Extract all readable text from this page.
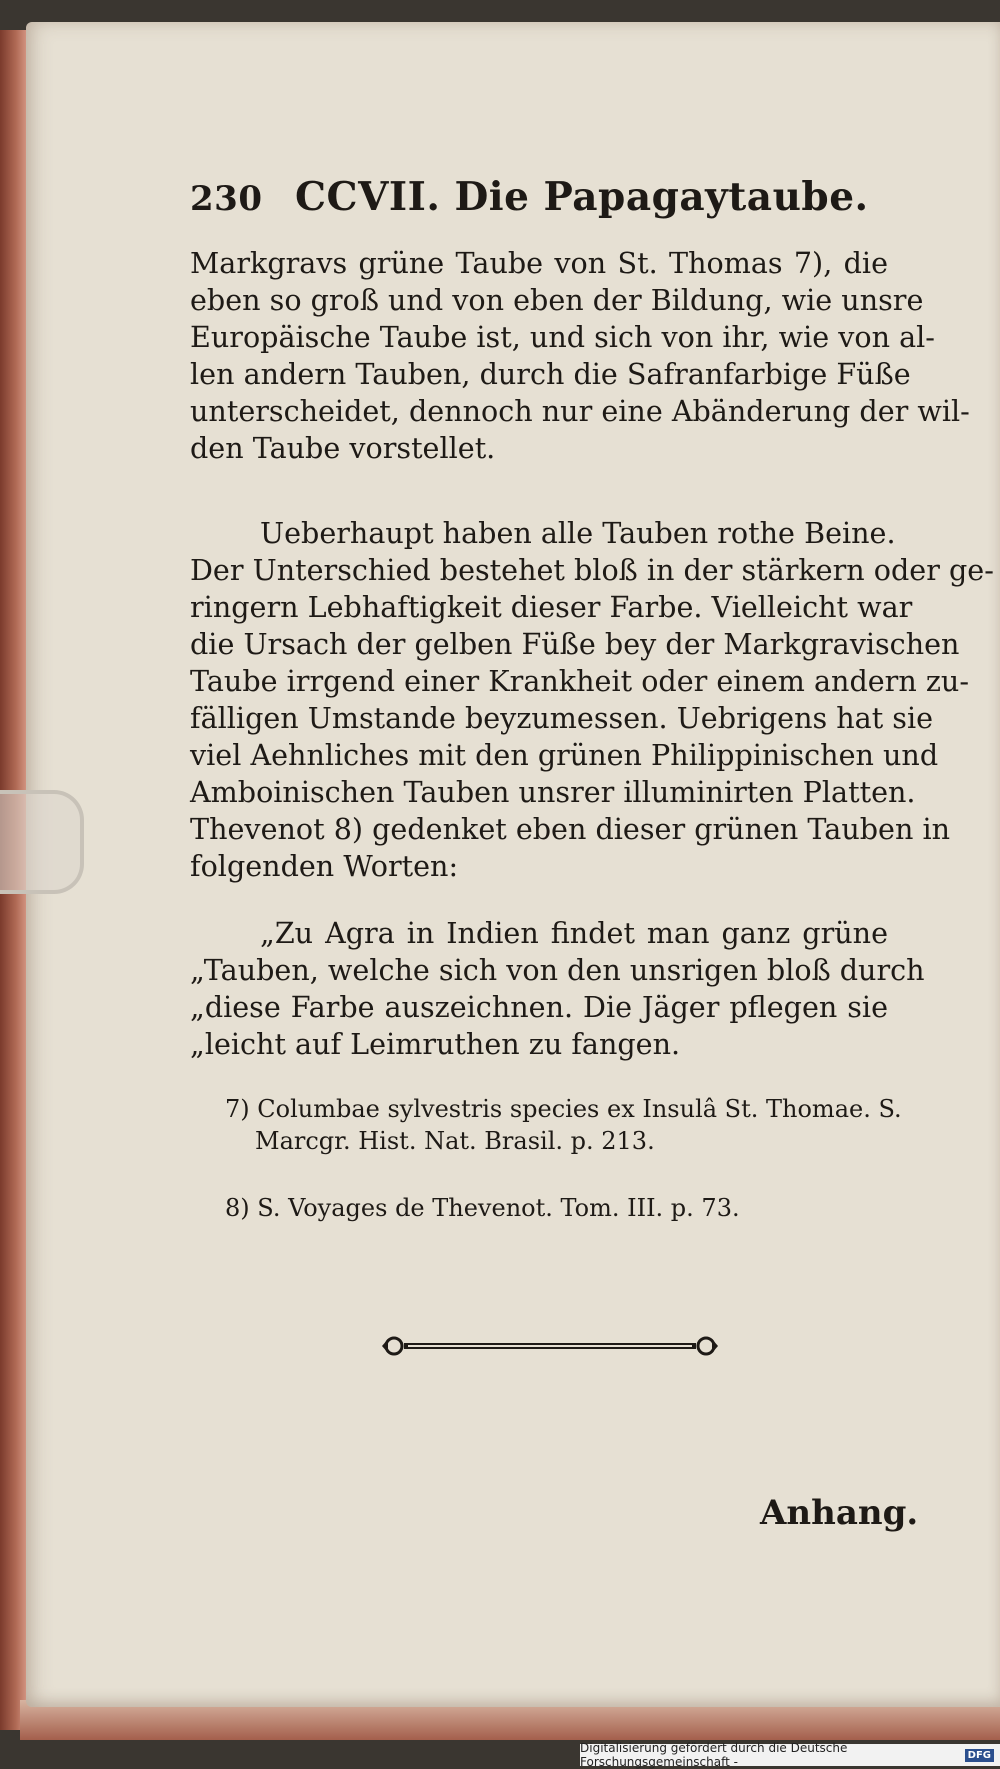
230 CCVII. Die Papagaytaube.
Markgravs grüne Taube von St. Thomas 7), die
eben so groß und von eben der Bildung, wie unsre
Europäische Taube ist, und sich von ihr, wie von al-
len andern Tauben, durch die Safranfarbige Füße
unterscheidet, dennoch nur eine Abänderung der wil-
den Taube vorstellet.
Ueberhaupt haben alle Tauben rothe Beine.
Der Unterschied bestehet bloß in der stärkern oder ge-
ringern Lebhaftigkeit dieser Farbe. Vielleicht war
die Ursach der gelben Füße bey der Markgravischen
Taube irrgend einer Krankheit oder einem andern zu-
fälligen Umstande beyzumessen. Uebrigens hat sie
viel Aehnliches mit den grünen Philippinischen und
Amboinischen Tauben unsrer illuminirten Platten.
Thevenot 8) gedenket eben dieser grünen Tauben in
folgenden Worten:
„Zu Agra in Indien findet man ganz grüne
„Tauben, welche sich von den unsrigen bloß durch
„diese Farbe auszeichnen. Die Jäger pflegen sie
„leicht auf Leimruthen zu fangen.
7) Columbae sylvestris species ex Insulâ St. Thomae. S.
Marcgr. Hist. Nat. Brasil. p. 213.
8) S. Voyages de Thevenot. Tom. III. p. 73.
Anhang.
Digitalisierung gefördert durch die Deutsche Forschungsgemeinschaft -	DFG
